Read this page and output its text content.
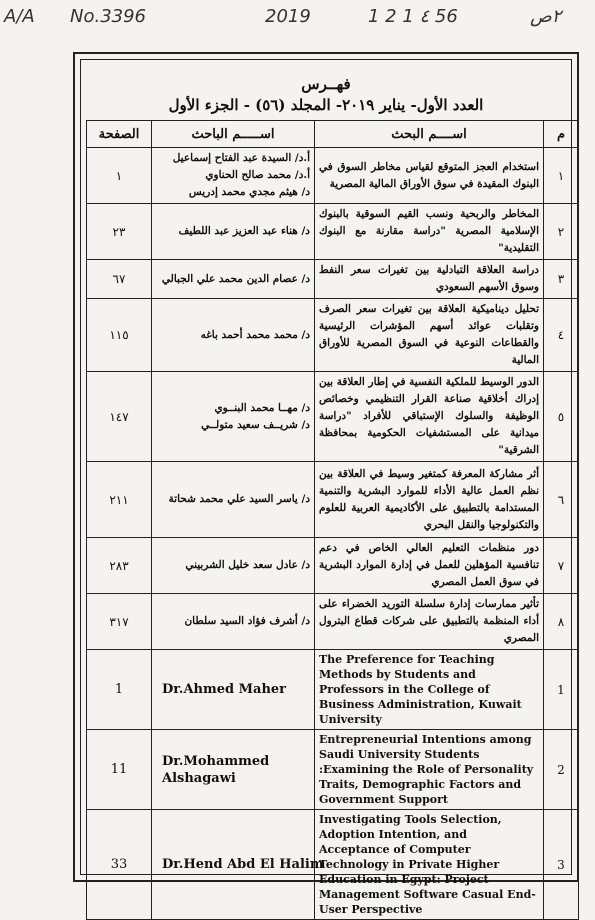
A/A No.3396	2019	1 2 1 ٤ 56	٢ص

فهــرس

العدد الأول- يناير ٢٠١٩- المجلد (٥٦) - الجزء الأول

م	اســــم البحث	اســـــم الباحث	الصفحة
١	استخدام العجز المتوقع لقياس مخاطر السوق في البنوك المقيدة في سوق الأوراق المالية المصرية	أ.د/ السيدة عبد الفتاح إسماعيل
أ.د/ محمد صالح الحناوي
د/ هيثم مجدي محمد إدريس	١
٢	المخاطر والربحية ونسب القيم السوقية بالبنوك الإسلامية المصرية "دراسة مقارنة مع البنوك التقليدية"	د/ هناء عبد العزيز عبد اللطيف	٢٣
٣	دراسة العلاقة التبادلية بين تغيرات سعر النفط وسوق الأسهم السعودي	د/ عصام الدين محمد علي الجبالي	٦٧
٤	تحليل ديناميكية العلاقة بين تغيرات سعر الصرف وتقلبات عوائد أسهم المؤشرات الرئيسية والقطاعات النوعية في السوق المصرية للأوراق المالية	د/ محمد محمد أحمد باغه	١١٥
٥	الدور الوسيط للملكية النفسية في إطار العلاقة بين إدراك أخلاقية صناعة القرار التنظيمي وخصائص الوظيفة والسلوك الإستباقي للأفراد "دراسة ميدانية على المستشفيات الحكومية بمحافظة الشرقية"	د/ مهــا محمد البنــوي
د/ شريــف سعيد متولــي	١٤٧
٦	أثر مشاركة المعرفة كمتغير وسيط في العلاقة بين نظم العمل عالية الأداء للموارد البشرية والتنمية المستدامة بالتطبيق على الأكاديمية العربية للعلوم والتكنولوجيا والنقل البحري	د/ ياسر السيد علي محمد شحاتة	٢١١
٧	دور منظمات التعليم العالي الخاص في دعم تنافسية المؤهلين للعمل في إدارة الموارد البشرية في سوق العمل المصري	د/ عادل سعد خليل الشربيني	٢٨٣
٨	تأثير ممارسات إدارة سلسلة التوريد الخضراء على أداء المنظمة بالتطبيق على شركات قطاع البترول المصري	د/ أشرف فؤاد السيد سلطان	٣١٧
1	The Preference for Teaching Methods by Students and Professors in the College of Business Administration, Kuwait University	Dr.Ahmed Maher	1
2	Entrepreneurial Intentions among Saudi University Students :Examining the Role of Personality Traits, Demographic Factors and Government Support	Dr.Mohammed
Alshagawi	11
3	Investigating Tools Selection, Adoption Intention, and Acceptance of Computer Technology in Private Higher Education in Egypt: Project Management Software Casual End-User Perspective	Dr.Hend Abd El Halim	33
